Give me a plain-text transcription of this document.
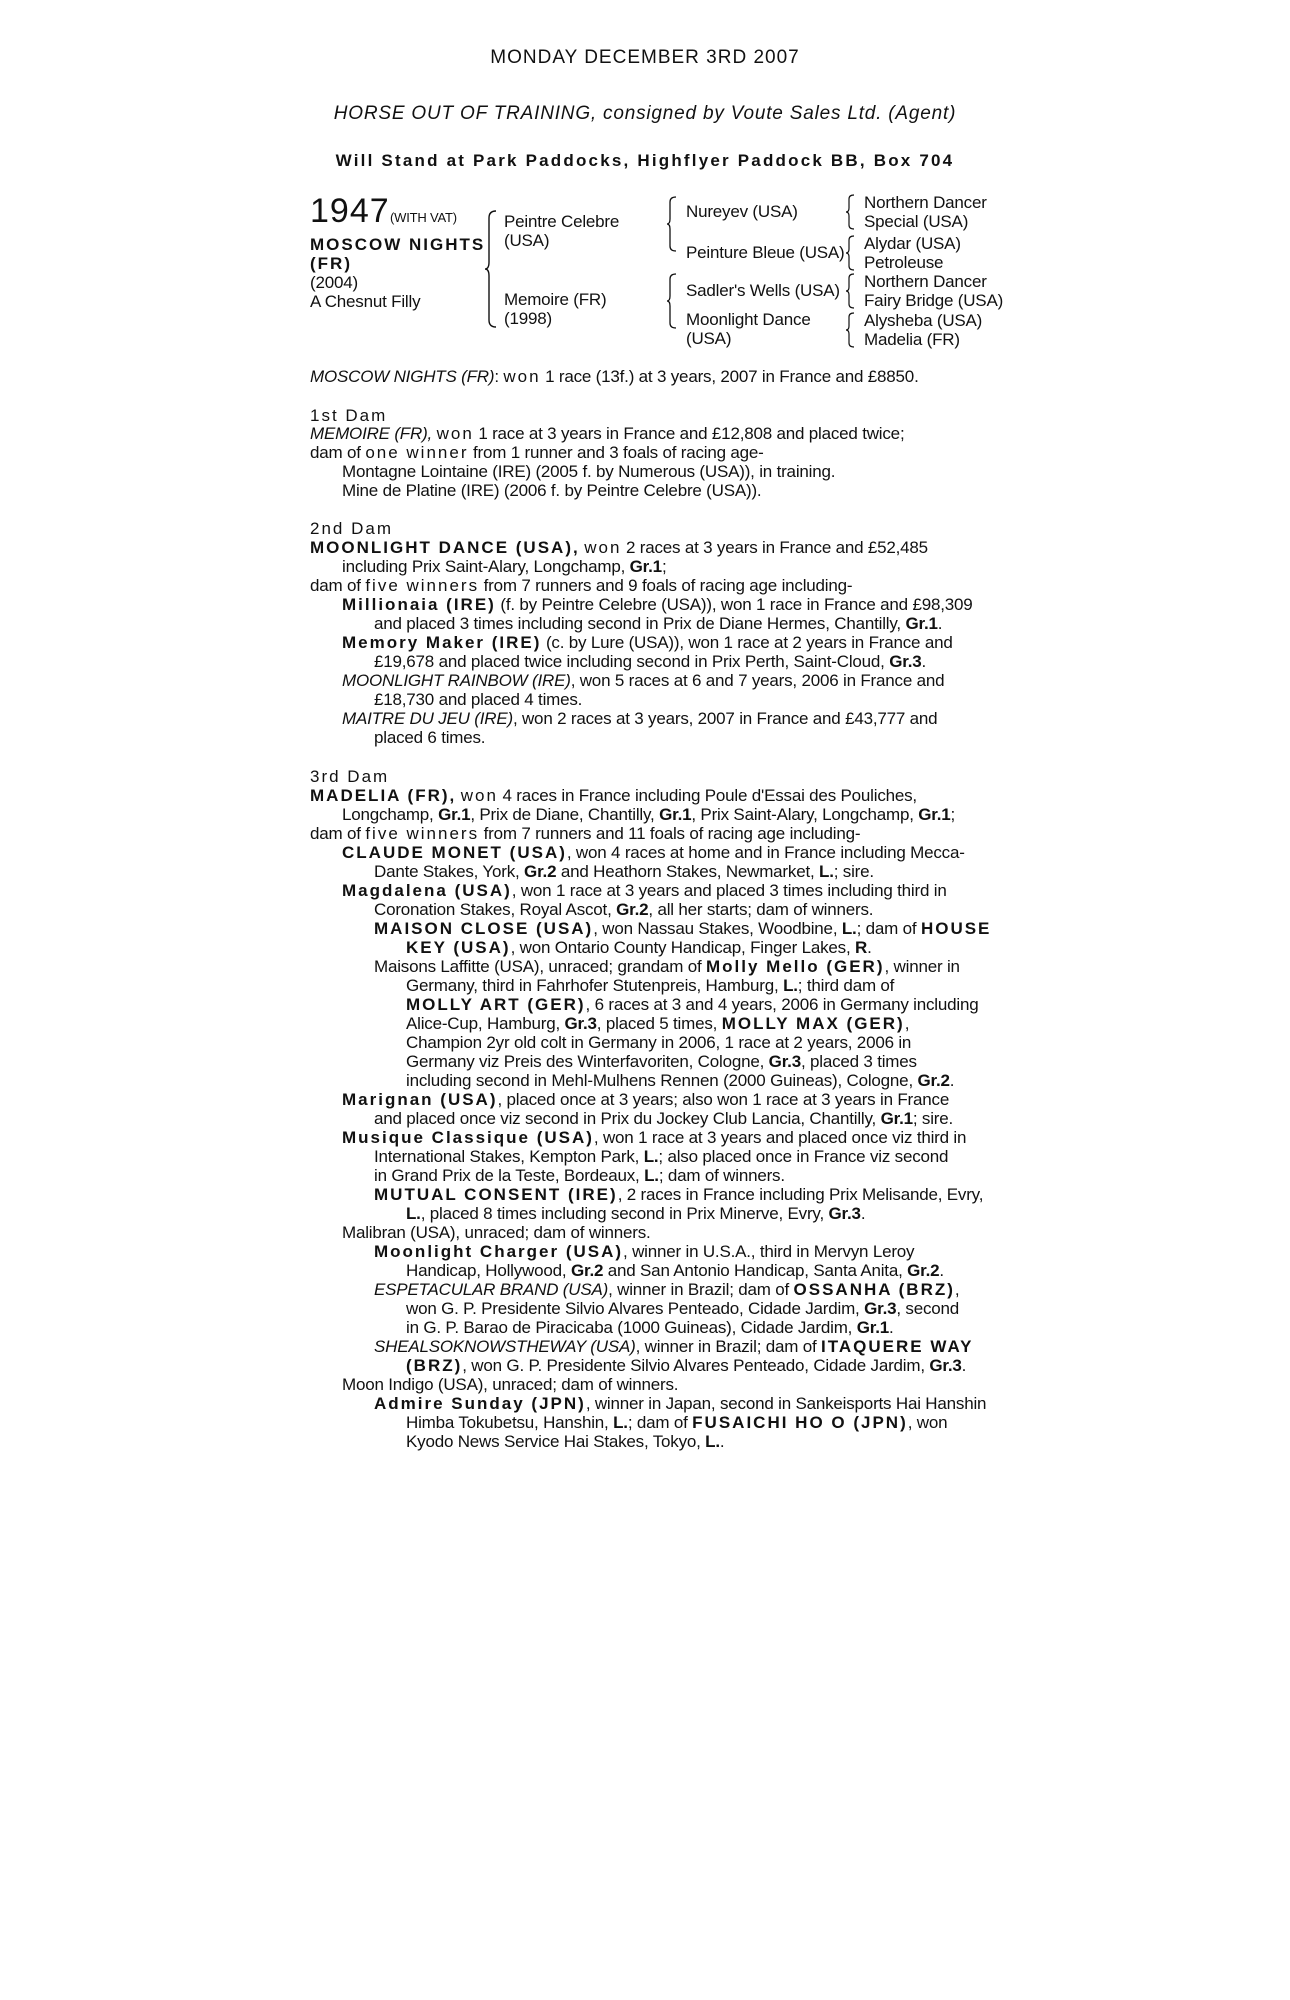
MONDAY DECEMBER 3RD 2007
HORSE OUT OF TRAINING, consigned by Voute Sales Ltd. (Agent)
Will Stand at Park Paddocks, Highflyer Paddock BB, Box 704
1947 (WITH VAT)
MOSCOW NIGHTS
(FR)
(2004)
A Chesnut Filly
Peintre Celebre
(USA)
Memoire (FR)
(1998)
Nureyev (USA)
Peinture Bleue (USA)
Sadler's Wells (USA)
Moonlight Dance
(USA)
Northern Dancer
Special (USA)
Alydar (USA)
Petroleuse
Northern Dancer
Fairy Bridge (USA)
Alysheba (USA)
Madelia (FR)
MOSCOW NIGHTS (FR): won 1 race (13f.) at 3 years, 2007 in France and £8850.
1st Dam
MEMOIRE (FR), won 1 race at 3 years in France and £12,808 and placed twice;
dam of one winner from 1 runner and 3 foals of racing age-
Montagne Lointaine (IRE) (2005 f. by Numerous (USA)), in training.
Mine de Platine (IRE) (2006 f. by Peintre Celebre (USA)).
2nd Dam
MOONLIGHT DANCE (USA), won 2 races at 3 years in France and £52,485
including Prix Saint-Alary, Longchamp, Gr.1;
dam of five winners from 7 runners and 9 foals of racing age including-
Millionaia (IRE) (f. by Peintre Celebre (USA)), won 1 race in France and £98,309
and placed 3 times including second in Prix de Diane Hermes, Chantilly, Gr.1.
Memory Maker (IRE) (c. by Lure (USA)), won 1 race at 2 years in France and
£19,678 and placed twice including second in Prix Perth, Saint-Cloud, Gr.3.
MOONLIGHT RAINBOW (IRE), won 5 races at 6 and 7 years, 2006 in France and
£18,730 and placed 4 times.
MAITRE DU JEU (IRE), won 2 races at 3 years, 2007 in France and £43,777 and
placed 6 times.
3rd Dam
MADELIA (FR), won 4 races in France including Poule d'Essai des Pouliches,
Longchamp, Gr.1, Prix de Diane, Chantilly, Gr.1, Prix Saint-Alary, Longchamp, Gr.1;
dam of five winners from 7 runners and 11 foals of racing age including-
CLAUDE MONET (USA), won 4 races at home and in France including Mecca-
Dante Stakes, York, Gr.2 and Heathorn Stakes, Newmarket, L.; sire.
Magdalena (USA), won 1 race at 3 years and placed 3 times including third in
Coronation Stakes, Royal Ascot, Gr.2, all her starts; dam of winners.
MAISON CLOSE (USA), won Nassau Stakes, Woodbine, L.; dam of HOUSE
KEY (USA), won Ontario County Handicap, Finger Lakes, R.
Maisons Laffitte (USA), unraced; grandam of Molly Mello (GER), winner in
Germany, third in Fahrhofer Stutenpreis, Hamburg, L.; third dam of
MOLLY ART (GER), 6 races at 3 and 4 years, 2006 in Germany including
Alice-Cup, Hamburg, Gr.3, placed 5 times, MOLLY MAX (GER),
Champion 2yr old colt in Germany in 2006, 1 race at 2 years, 2006 in
Germany viz Preis des Winterfavoriten, Cologne, Gr.3, placed 3 times
including second in Mehl-Mulhens Rennen (2000 Guineas), Cologne, Gr.2.
Marignan (USA), placed once at 3 years; also won 1 race at 3 years in France
and placed once viz second in Prix du Jockey Club Lancia, Chantilly, Gr.1; sire.
Musique Classique (USA), won 1 race at 3 years and placed once viz third in
International Stakes, Kempton Park, L.; also placed once in France viz second
in Grand Prix de la Teste, Bordeaux, L.; dam of winners.
MUTUAL CONSENT (IRE), 2 races in France including Prix Melisande, Evry,
L., placed 8 times including second in Prix Minerve, Evry, Gr.3.
Malibran (USA), unraced; dam of winners.
Moonlight Charger (USA), winner in U.S.A., third in Mervyn Leroy
Handicap, Hollywood, Gr.2 and San Antonio Handicap, Santa Anita, Gr.2.
ESPETACULAR BRAND (USA), winner in Brazil; dam of OSSANHA (BRZ),
won G. P. Presidente Silvio Alvares Penteado, Cidade Jardim, Gr.3, second
in G. P. Barao de Piracicaba (1000 Guineas), Cidade Jardim, Gr.1.
SHEALSOKNOWSTHEWAY (USA), winner in Brazil; dam of ITAQUERE WAY
(BRZ), won G. P. Presidente Silvio Alvares Penteado, Cidade Jardim, Gr.3.
Moon Indigo (USA), unraced; dam of winners.
Admire Sunday (JPN), winner in Japan, second in Sankeisports Hai Hanshin
Himba Tokubetsu, Hanshin, L.; dam of FUSAICHI HO O (JPN), won
Kyodo News Service Hai Stakes, Tokyo, L..
